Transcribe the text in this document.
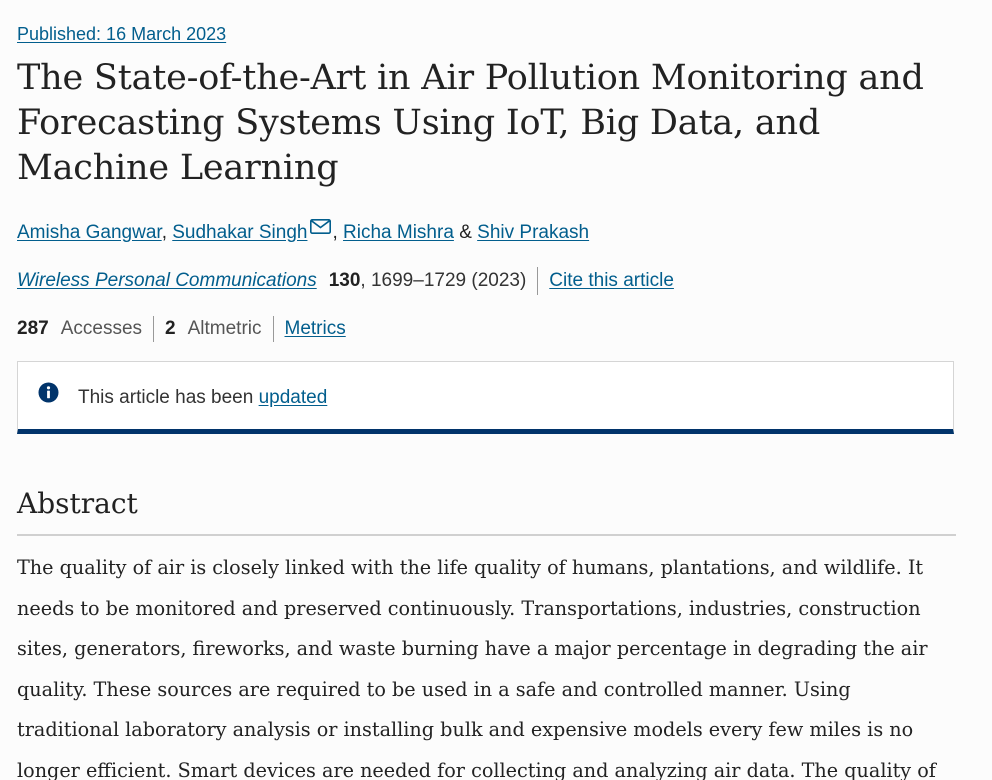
Published: 16 March 2023
The State-of-the-Art in Air Pollution Monitoring and Forecasting Systems Using IoT, Big Data, and Machine Learning
Amisha Gangwar, Sudhakar Singh , Richa Mishra & Shiv Prakash
Wireless Personal Communications 130 , 1699–1729 (2023) Cite this article
287 Accesses 2 Altmetric Metrics
This article has been updated
Abstract

The quality of air is closely linked with the life quality of humans, plantations, and wildlife. It
needs to be monitored and preserved continuously. Transportations, industries, construction
sites, generators, fireworks, and waste burning have a major percentage in degrading the air
quality. These sources are required to be used in a safe and controlled manner. Using
traditional laboratory analysis or installing bulk and expensive models every few miles is no
longer efficient. Smart devices are needed for collecting and analyzing air data. The quality of
